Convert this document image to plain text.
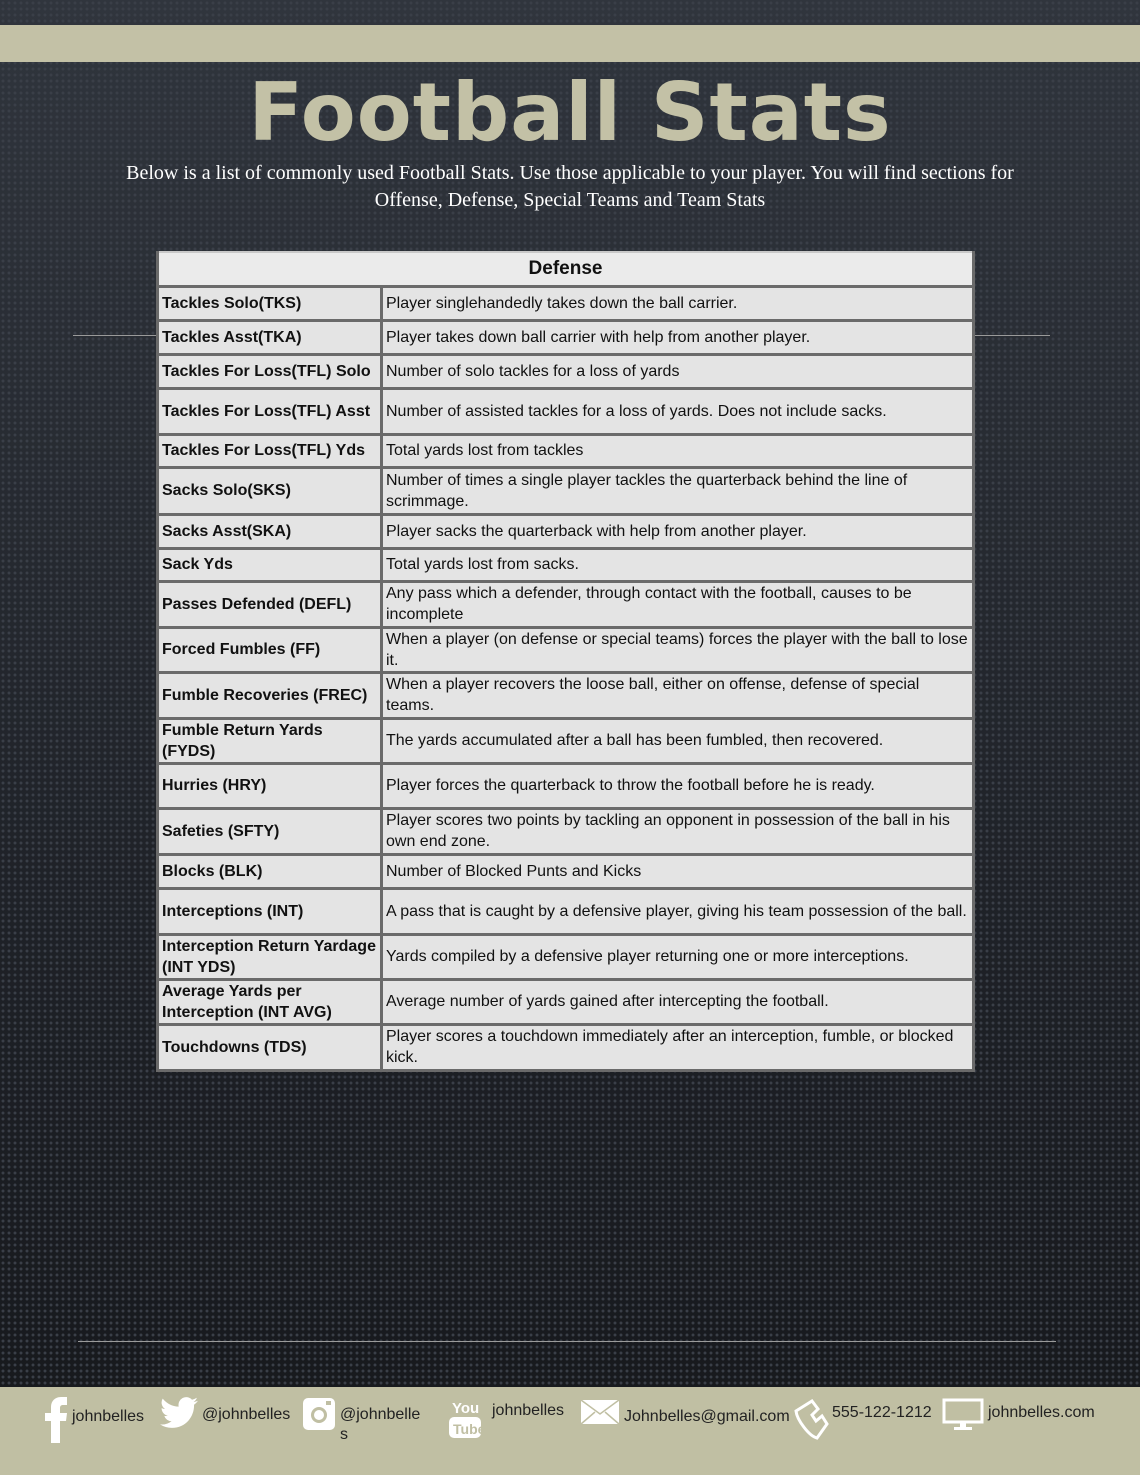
Football Stats

Below is a list of commonly used Football Stats. Use those applicable to your player. You will find sections for Offense, Defense, Special Teams and Team Stats

Defense	
Tackles Solo(TKS)	Player singlehandedly takes down the ball carrier.
Tackles Asst(TKA)	Player takes down ball carrier with help from another player.
Tackles For Loss(TFL) Solo	Number of solo tackles for a loss of yards
Tackles For Loss(TFL) Asst	Number of assisted tackles for a loss of yards. Does not include sacks.
Tackles For Loss(TFL) Yds	Total yards lost from tackles
Sacks Solo(SKS)	Number of times a single player tackles the quarterback behind the line of scrimmage.
Sacks Asst(SKA)	Player sacks the quarterback with help from another player.
Sack Yds	Total yards lost from sacks.
Passes Defended (DEFL)	Any pass which a defender, through contact with the football, causes to be incomplete
Forced Fumbles (FF)	When a player (on defense or special teams) forces the player with the ball to lose it.
Fumble Recoveries (FREC)	When a player recovers the loose ball, either on offense, defense of special teams.
Fumble Return Yards (FYDS)	The yards accumulated after a ball has been fumbled, then recovered.
Hurries (HRY)	Player forces the quarterback to throw the football before he is ready.
Safeties (SFTY)	Player scores two points by tackling an opponent in possession of the ball in his own end zone.
Blocks (BLK)	Number of Blocked Punts and Kicks
Interceptions (INT)	A pass that is caught by a defensive player, giving his team possession of the ball.
Interception Return Yardage (INT YDS)	Yards compiled by a defensive player returning one or more interceptions.
Average Yards per Interception (INT AVG)	Average number of yards gained after intercepting the football.
Touchdowns (TDS)	Player scores a touchdown immediately after an interception, fumble, or blocked kick.
johnbelles	@johnbelles	@johnbelles
You
Tube
johnbelles	Johnbelles@gmail.com	555-122-1212	johnbelles.com
